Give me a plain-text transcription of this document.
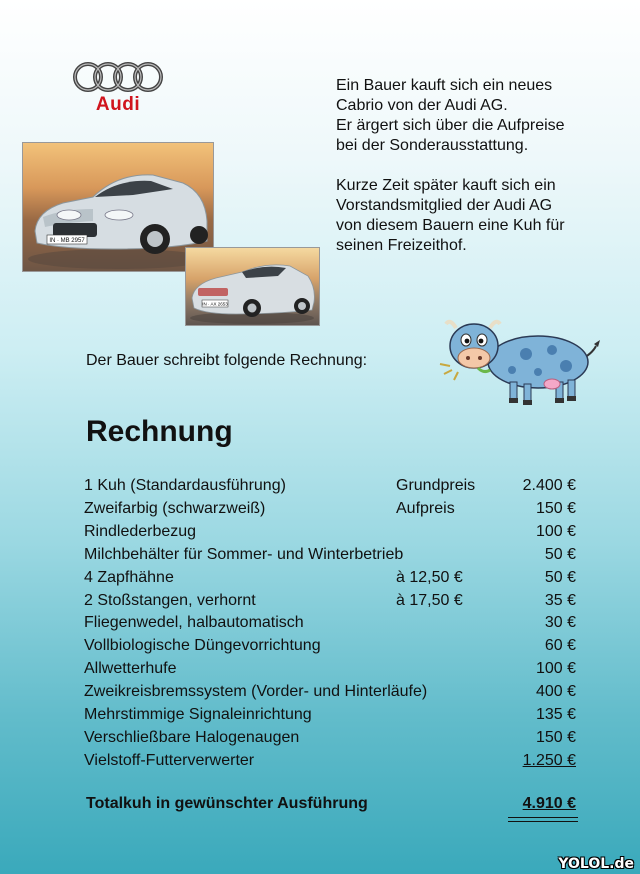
Audi

Ein Bauer kauft sich ein neues
Cabrio von der Audi AG.
Er ärgert sich über die Aufpreise
bei der Sonderausstattung.

Kurze Zeit später kauft sich ein
Vorstandsmitglied der Audi AG
von diesem Bauern eine Kuh für
seinen Freizeithof.

IN · MB 2957
IN · AX 2653

Der Bauer schreibt folgende Rechnung:

Rechnung
1 Kuh (Standardausführung)	Grundpreis	2.400 €
Zweifarbig (schwarzweiß)	Aufpreis	150 €
Rindlederbezug		100 €
Milchbehälter für Sommer- und Winterbetrieb		50 €
4 Zapfhähne	à 12,50 €	50 €
2 Stoßstangen, verhornt	à 17,50 €	35 €
Fliegenwedel, halbautomatisch		30 €
Vollbiologische Düngevorrichtung		60 €
Allwetterhufe		100 €
Zweikreisbremssystem (Vorder- und Hinterläufe)		400 €
Mehrstimmige Signaleinrichtung		135 €
Verschließbare Halogenaugen		150 €
Vielstoff-Futterverwerter		1.250 €

Totalkuh in gewünschter Ausführung	4.910 €

YOLOL.de
